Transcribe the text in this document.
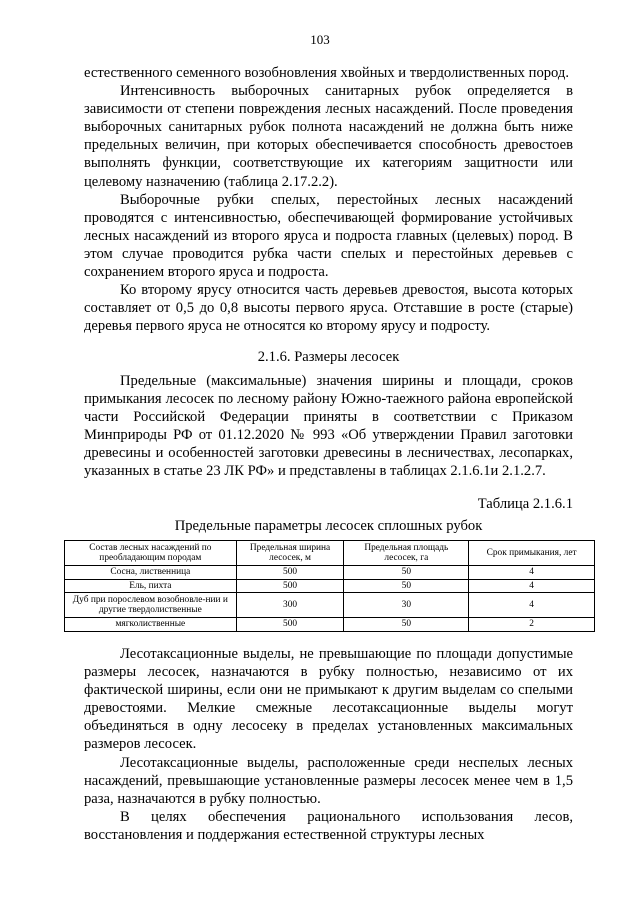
103

естественного семенного возобновления хвойных и твердолиственных пород.

Интенсивность выборочных санитарных рубок определяется в зависимости от степени повреждения лесных насаждений. После проведения выборочных санитарных рубок полнота насаждений не должна быть ниже предельных величин, при которых обеспечивается способность древостоев выполнять функции, соответствующие их категориям защитности или целевому назначению (таблица 2.17.2.2).

Выборочные рубки спелых, перестойных лесных насаждений проводятся с интенсивностью, обеспечивающей формирование устойчивых лесных насаждений из второго яруса и подроста главных (целевых) пород. В этом случае проводится рубка части спелых и перестойных деревьев с сохранением второго яруса и подроста.

Ко второму ярусу относится часть деревьев древостоя, высота которых составляет от 0,5 до 0,8 высоты первого яруса. Отставшие в росте (старые) деревья первого яруса не относятся ко второму ярусу и подросту.

2.1.6. Размеры лесосек

Предельные (максимальные) значения ширины и площади, сроков примыкания лесосек по лесному району Южно-таежного района европейской части Российской Федерации приняты в соответствии с Приказом Минприроды РФ от 01.12.2020 № 993 «Об утверждении Правил заготовки древесины и особенностей заготовки древесины в лесничествах, лесопарках, указанных в статье 23 ЛК РФ» и представлены в таблицах 2.1.6.1и 2.1.2.7.

Таблица 2.1.6.1
Предельные параметры лесосек сплошных рубок
Состав лесных насаждений по преобладающим породам	Предельная ширина лесосек, м	Предельная площадь лесосек, га	Срок примыкания, лет
Сосна, лиственница	500	50	4
Ель, пихта	500	50	4
Дуб при порослевом возобновле-нии и другие твердолиственные	300	30	4
мягколиственные	500	50	2

Лесотаксационные выделы, не превышающие по площади допустимые размеры лесосек, назначаются в рубку полностью, независимо от их фактической ширины, если они не примыкают к другим выделам со спелыми древостоями. Мелкие смежные лесотаксационные выделы могут объединяться в одну лесосеку в пределах установленных максимальных размеров лесосек.

Лесотаксационные выделы, расположенные среди неспелых лесных насаждений, превышающие установленные размеры лесосек менее чем в 1,5 раза, назначаются в рубку полностью.

В целях обеспечения рационального использования лесов, восстановления и поддержания естественной структуры лесных
